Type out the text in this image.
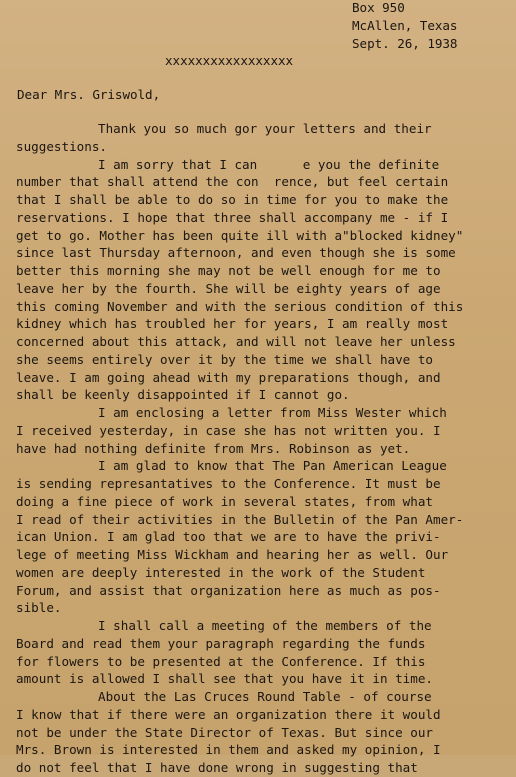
Box 950
McAllen, Texas
Sept. 26, 1938
xxxxxxxxxxxxxxxxx
Dear Mrs. Griswold,
Thank you so much gor your letters and their
suggestions.
I am sorry that I can      e you the definite
number that shall attend the con  rence, but feel certain
that I shall be able to do so in time for you to make the
reservations. I hope that three shall accompany me - if I
get to go. Mother has been quite ill with a"blocked kidney"
since last Thursday afternoon, and even though she is some
better this morning she may not be well enough for me to
leave her by the fourth. She will be eighty years of age
this coming November and with the serious condition of this
kidney which has troubled her for years, I am really most
concerned about this attack, and will not leave her unless
she seems entirely over it by the time we shall have to
leave. I am going ahead with my preparations though, and
shall be keenly disappointed if I cannot go.
I am enclosing a letter from Miss Wester which
I received yesterday, in case she has not written you. I
have had nothing definite from Mrs. Robinson as yet.
I am glad to know that The Pan American League
is sending represantatives to the Conference. It must be
doing a fine piece of work in several states, from what
I read of their activities in the Bulletin of the Pan Amer-
ican Union. I am glad too that we are to have the privi-
lege of meeting Miss Wickham and hearing her as well. Our
women are deeply interested in the work of the Student
Forum, and assist that organization here as much as pos-
sible.
I shall call a meeting of the members of the
Board and read them your paragraph regarding the funds
for flowers to be presented at the Conference. If this
amount is allowed I shall see that you have it in time.
About the Las Cruces Round Table - of course
I know that if there were an organization there it would
not be under the State Director of Texas. But since our
Mrs. Brown is interested in them and asked my opinion, I
do not feel that I have done wrong in suggesting that
